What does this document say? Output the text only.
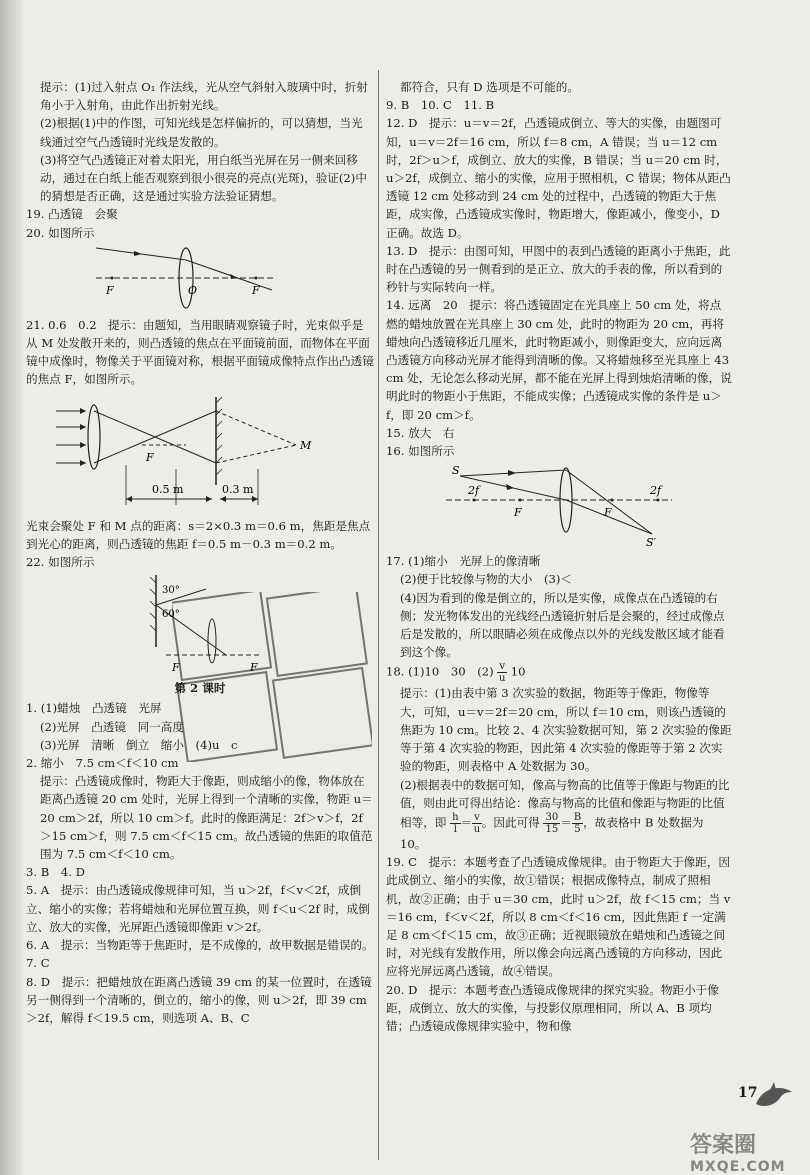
提示：(1)过入射点 O₁ 作法线，光从空气斜射入玻璃中时，折射角小于入射角，由此作出折射光线。

(2)根据(1)中的作图，可知光线是怎样偏折的，可以猜想，当光线通过空气凸透镜时光线是发散的。

(3)将空气凸透镜正对着太阳光，用白纸当光屏在另一侧来回移动，通过在白纸上能否观察到很小很亮的亮点(光斑)，验证(2)中的猜想是否正确，这是通过实验方法验证猜想。

19. 凸透镜　会聚

20. 如图所示

F	O	F

21. 0.6　0.2　提示：由题知，当用眼睛观察镜子时，光束似乎是从 M 处发散开来的，则凸透镜的焦点在平面镜前面，而物体在平面镜中成像时，物像关于平面镜对称，根据平面镜成像特点作出凸透镜的焦点 F，如图所示。

F
M
0.5 m	0.3 m

光束会聚处 F 和 M 点的距离：s＝2×0.3 m＝0.6 m，焦距是焦点到光心的距离，则凸透镜的焦距 f＝0.5 m－0.3 m＝0.2 m。

22. 如图所示

30°
60°
F	F

第 2 课时

1. (1)蜡烛　凸透镜　光屏

(2)光屏　凸透镜　同一高度

(3)光屏　清晰　倒立　缩小　(4)u　c

2. 缩小　7.5 cm＜f＜10 cm

提示：凸透镜成像时，物距大于像距，则成缩小的像，物体放在距离凸透镜 20 cm 处时，光屏上得到一个清晰的实像，物距 u＝20 cm＞2f，所以 10 cm＞f。此时的像距满足：2f＞v＞f，2f＞15 cm＞f，则 7.5 cm＜f＜15 cm。故凸透镜的焦距的取值范围为 7.5 cm＜f＜10 cm。

3. B　4. D

5. A　提示：由凸透镜成像规律可知，当 u＞2f，f＜v＜2f，成倒立、缩小的实像；若将蜡烛和光屏位置互换，则 f＜u＜2f 时，成倒立、放大的实像，光屏距凸透镜即像距 v＞2f。

6. A　提示：当物距等于焦距时，是不成像的，故甲数据是错误的。

7. C

8. D　提示：把蜡烛放在距离凸透镜 39 cm 的某一位置时，在透镜另一侧得到一个清晰的，倒立的，缩小的像，则 u＞2f，即 39 cm＞2f，解得 f＜19.5 cm，则选项 A、B、C

都符合，只有 D 选项是不可能的。

9. B　10. C　11. B

12. D　提示：u＝v＝2f，凸透镜成倒立、等大的实像，由题图可知，u＝v＝2f＝16 cm，所以 f＝8 cm，A 错误；当 u＝12 cm 时，2f＞u＞f，成倒立、放大的实像，B 错误；当 u＝20 cm 时，u＞2f，成倒立、缩小的实像，应用于照相机，C 错误；物体从距凸透镜 12 cm 处移动到 24 cm 处的过程中，凸透镜的物距大于焦距，成实像，凸透镜成实像时，物距增大，像距减小，像变小，D 正确。故选 D。

13. D　提示：由图可知，甲图中的表到凸透镜的距离小于焦距，此时在凸透镜的另一侧看到的是正立、放大的手表的像，所以看到的秒针与实际转向一样。

14. 远离　20　提示：将凸透镜固定在光具座上 50 cm 处，将点燃的蜡烛放置在光具座上 30 cm 处，此时的物距为 20 cm，再将蜡烛向凸透镜移近几厘米，此时物距减小，则像距变大，应向远离凸透镜方向移动光屏才能得到清晰的像。又将蜡烛移至光具座上 43 cm 处，无论怎么移动光屏，都不能在光屏上得到烛焰清晰的像，说明此时的物距小于焦距，不能成实像；凸透镜成实像的条件是 u＞f，即 20 cm＞f。

15. 放大　右

16. 如图所示

S
2f
F	F
2f
S′

17. (1)缩小　光屏上的像清晰

(2)便于比较像与物的大小　(3)＜

(4)因为看到的像是倒立的，所以是实像，成像点在凸透镜的右侧；发光物体发出的光线经凸透镜折射后是会聚的，经过成像点后是发散的，所以眼睛必须在成像点以外的光线发散区域才能看到这个像。

18. (1)10　30　$(2) \frac{v}{u} 10$

提示：(1)由表中第 3 次实验的数据，物距等于像距，物像等大，可知，u＝v＝2f＝20 cm，所以 f＝10 cm，则该凸透镜的焦距为 10 cm。比较 2、4 次实验数据可知，第 2 次实验的像距等于第 4 次实验的物距，因此第 4 次实验的像距等于第 2 次实验的物距，则表格中 A 处数据为 30。

(2)根据表中的数据可知，像高与物高的比值等于像距与物距的比值，则由此可得出结论：像高与物高的比值和像距与物距的比值相等，即 $\frac{h}{l} = \frac{v}{u}$ 。因此可得 $\frac{30}{15} = \frac{B}{5}$ ，故表格中 B 处数据为 10。

19. C　提示：本题考查了凸透镜成像规律。由于物距大于像距，因此成倒立、缩小的实像，故①错误；根据成像特点，制成了照相机，故②正确；由于 u＝30 cm，此时 u＞2f，故 f＜15 cm；当 v＝16 cm，f＜v＜2f，所以 8 cm＜f＜16 cm，因此焦距 f 一定满足 8 cm＜f＜15 cm，故③正确；近视眼镜放在蜡烛和凸透镜之间时，对光线有发散作用，所以像会向远离凸透镜的方向移动，因此应将光屏远离凸透镜，故④错误。

20. D　提示：本题考查凸透镜成像规律的探究实验。物距小于像距，成倒立、放大的实像，与投影仪原理相同，所以 A、B 项均错；凸透镜成像规律实验中，物和像

17
答案圈
MXQE.COM
